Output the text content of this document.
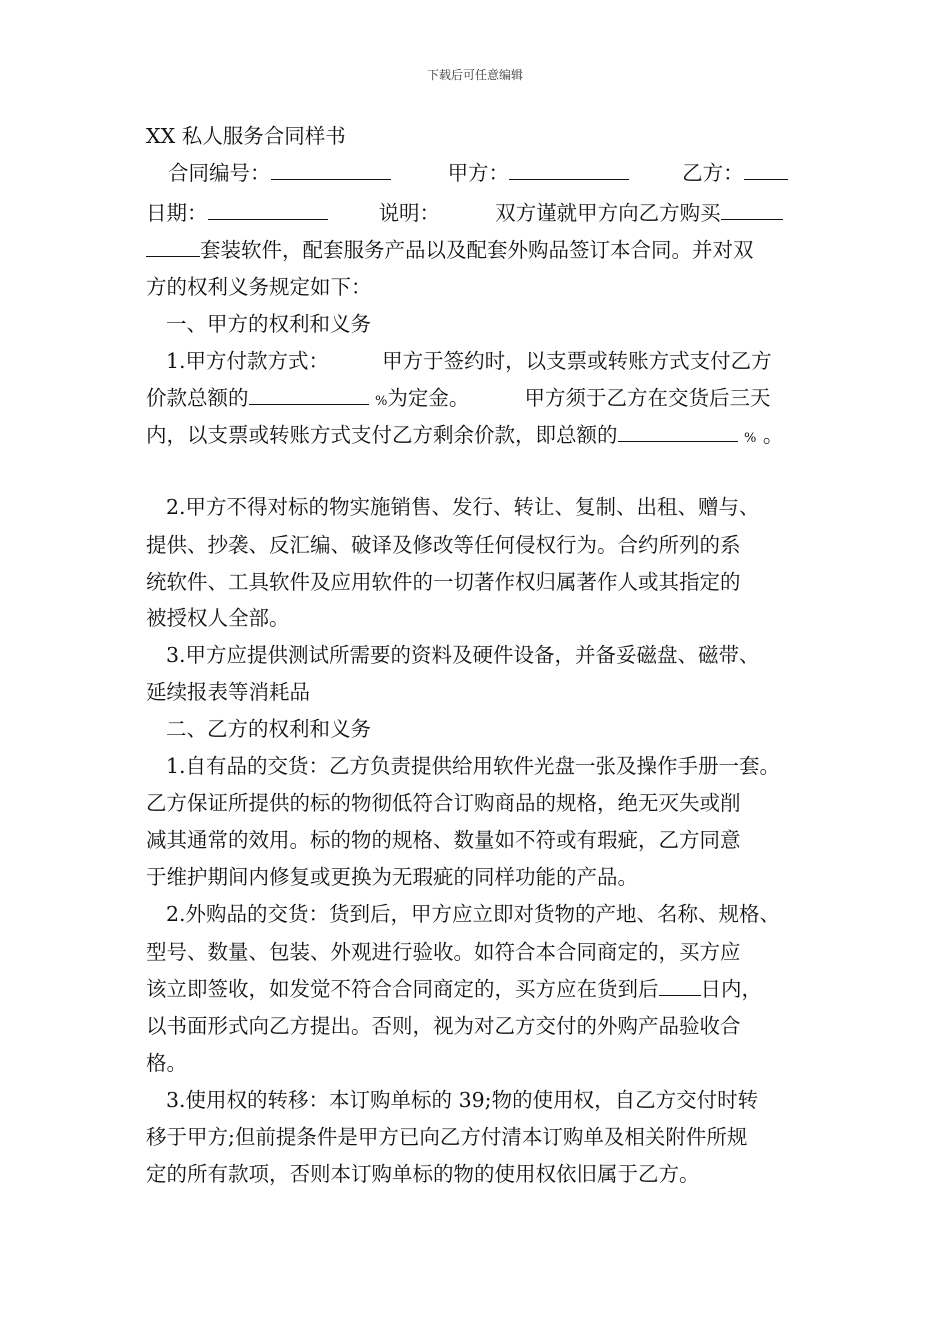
下载后可任意编辑
XX 私人服务合同样书
合同编号：	甲方：	乙方：
日期：	说明：	双方谨就甲方向乙方购买
套装软件，配套服务产品以及配套外购品签订本合同。并对双
方的权利义务规定如下：
一、甲方的权利和义务
1.甲方付款方式：	甲方于签约时，以支票或转账方式支付乙方
价款总额的	%为定金。	甲方须于乙方在交货后三天
内，以支票或转账方式支付乙方剩余价款，即总额的	% 。
2.甲方不得对标的物实施销售、发行、转让、复制、出租、赠与、
提供、抄袭、反汇编、破译及修改等任何侵权行为。合约所列的系
统软件、工具软件及应用软件的一切著作权归属著作人或其指定的
被授权人全部。
3.甲方应提供测试所需要的资料及硬件设备，并备妥磁盘、磁带、
延续报表等消耗品
二、乙方的权利和义务
1.自有品的交货：乙方负责提供给用软件光盘一张及操作手册一套。
乙方保证所提供的标的物彻低符合订购商品的规格，绝无灭失或削
减其通常的效用。标的物的规格、数量如不符或有瑕疵，乙方同意
于维护期间内修复或更换为无瑕疵的同样功能的产品。
2.外购品的交货：货到后，甲方应立即对货物的产地、名称、规格、
型号、数量、包装、外观进行验收。如符合本合同商定的，买方应
该立即签收，如发觉不符合合同商定的，买方应在货到后 日内，
以书面形式向乙方提出。否则，视为对乙方交付的外购产品验收合
格。
3.使用权的转移：本订购单标的 39;物的使用权，自乙方交付时转
移于甲方;但前提条件是甲方已向乙方付清本订购单及相关附件所规
定的所有款项，否则本订购单标的物的使用权依旧属于乙方。
